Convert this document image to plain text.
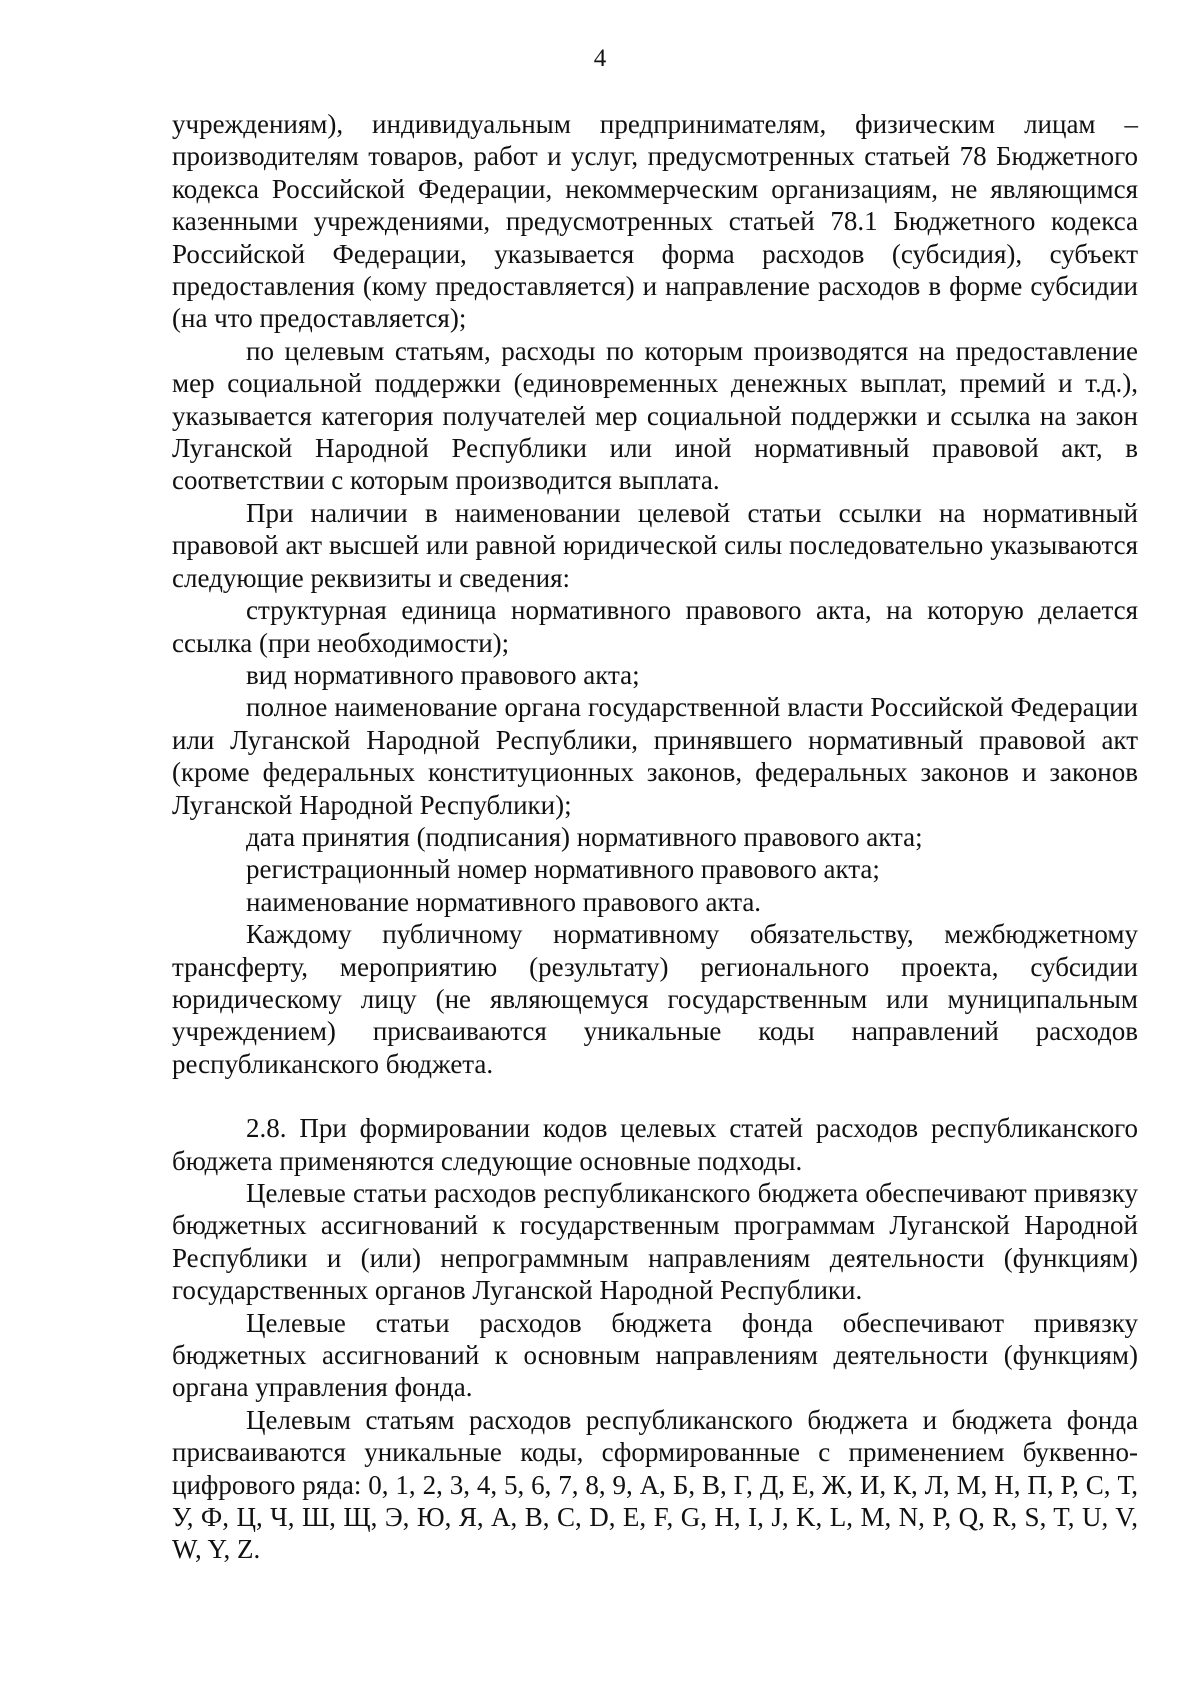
4

учреждениям), индивидуальным предпринимателям, физическим лицам – производителям товаров, работ и услуг, предусмотренных статьей 78 Бюджетного кодекса Российской Федерации, некоммерческим организациям, не являющимся казенными учреждениями, предусмотренных статьей 78.1 Бюджетного кодекса Российской Федерации, указывается форма расходов (субсидия), субъект предоставления (кому предоставляется) и направление расходов в форме субсидии (на что предоставляется);

по целевым статьям, расходы по которым производятся на предоставление мер социальной поддержки (единовременных денежных выплат, премий и т.д.), указывается категория получателей мер социальной поддержки и ссылка на закон Луганской Народной Республики или иной нормативный правовой акт, в соответствии с которым производится выплата.

При наличии в наименовании целевой статьи ссылки на нормативный правовой акт высшей или равной юридической силы последовательно указываются следующие реквизиты и сведения:

структурная единица нормативного правового акта, на которую делается ссылка (при необходимости);

вид нормативного правового акта;

полное наименование органа государственной власти Российской Федерации или Луганской Народной Республики, принявшего нормативный правовой акт (кроме федеральных конституционных законов, федеральных законов и законов Луганской Народной Республики);

дата принятия (подписания) нормативного правового акта;

регистрационный номер нормативного правового акта;

наименование нормативного правового акта.

Каждому публичному нормативному обязательству, межбюджетному трансферту, мероприятию (результату) регионального проекта, субсидии юридическому лицу (не являющемуся государственным или муниципальным учреждением) присваиваются уникальные коды направлений расходов республиканского бюджета.

2.8. При формировании кодов целевых статей расходов республиканского бюджета применяются следующие основные подходы.

Целевые статьи расходов республиканского бюджета обеспечивают привязку бюджетных ассигнований к государственным программам Луганской Народной Республики и (или) непрограммным направлениям деятельности (функциям) государственных органов Луганской Народной Республики.

Целевые статьи расходов бюджета фонда обеспечивают привязку бюджетных ассигнований к основным направлениям деятельности (функциям) органа управления фонда.

Целевым статьям расходов республиканского бюджета и бюджета фонда присваиваются уникальные коды, сформированные с применением буквенно-цифрового ряда: 0, 1, 2, 3, 4, 5, 6, 7, 8, 9, А, Б, В, Г, Д, Е, Ж, И, К, Л, М, Н, П, Р, С, Т, У, Ф, Ц, Ч, Ш, Щ, Э, Ю, Я, A, B, C, D, E, F, G, H, I, J, K, L, M, N, P, Q, R, S, T, U, V, W, Y, Z.
